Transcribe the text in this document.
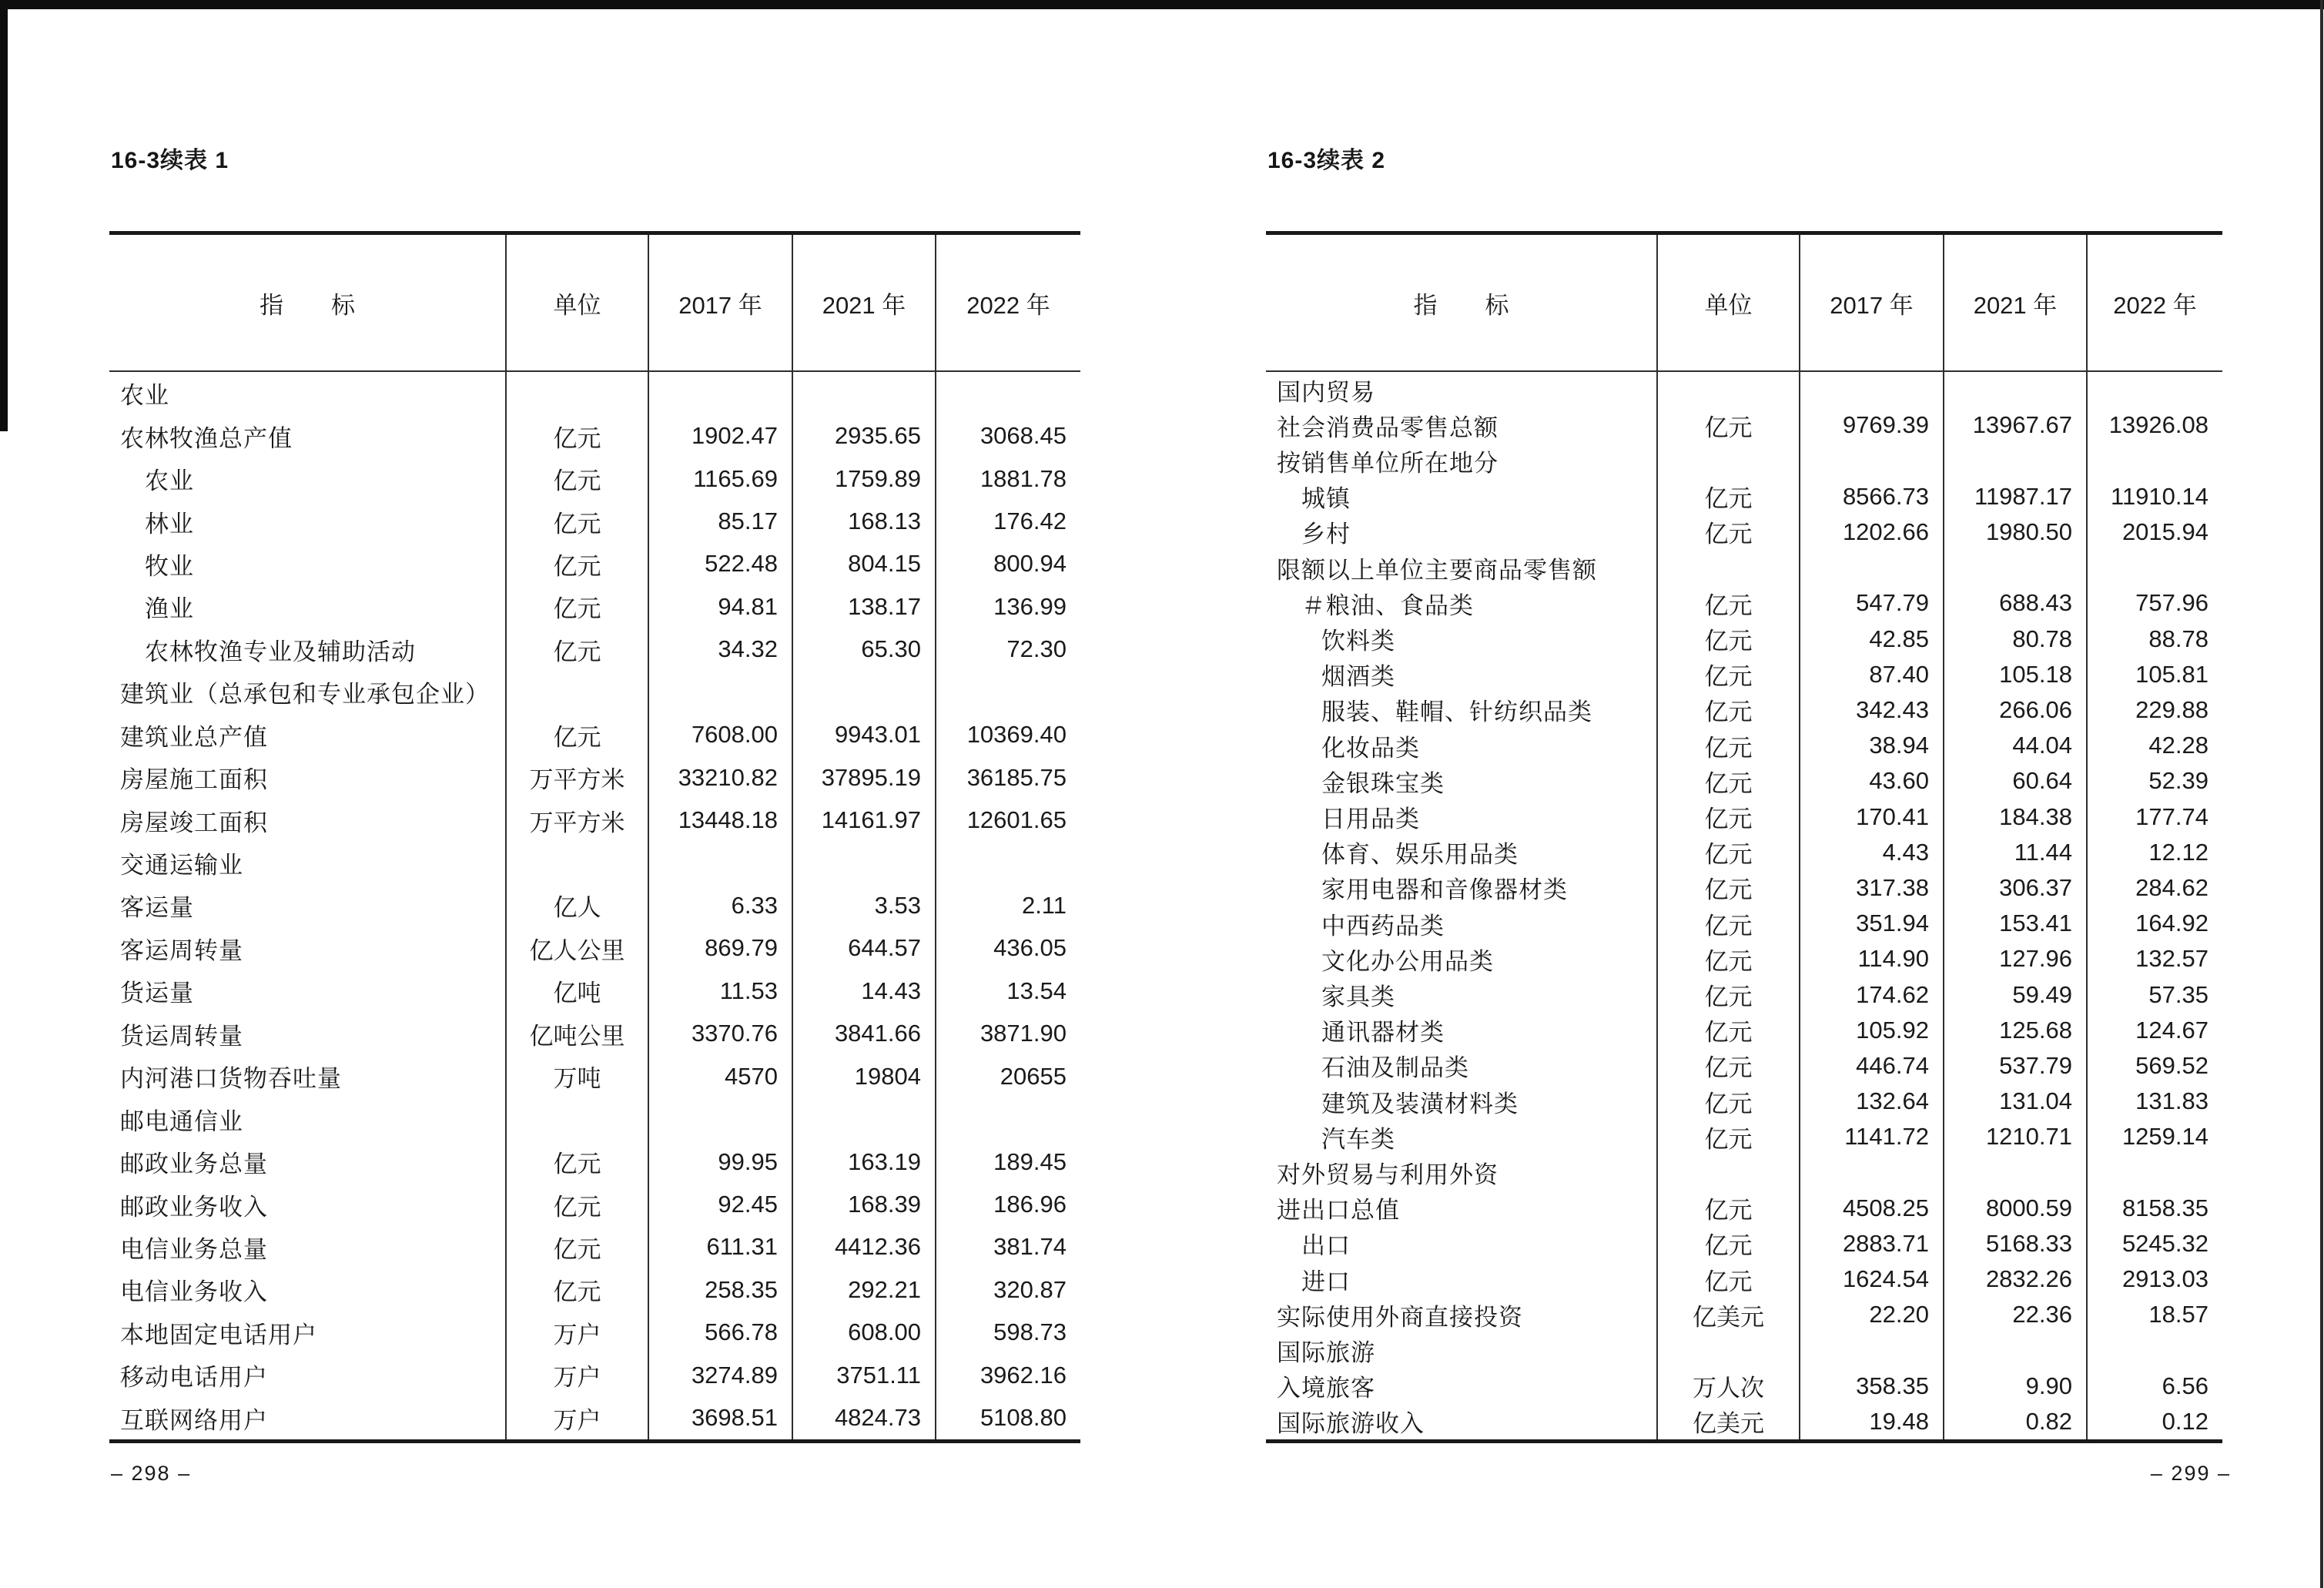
16-3续表 1
指　　标	单位	2017 年	2021 年	2022 年
农业
农林牧渔总产值	亿元	1902.47	2935.65	3068.45
农业	亿元	1165.69	1759.89	1881.78
林业	亿元	85.17	168.13	176.42
牧业	亿元	522.48	804.15	800.94
渔业	亿元	94.81	138.17	136.99
农林牧渔专业及辅助活动	亿元	34.32	65.30	72.30
建筑业（总承包和专业承包企业）
建筑业总产值	亿元	7608.00	9943.01	10369.40
房屋施工面积	万平方米	33210.82	37895.19	36185.75
房屋竣工面积	万平方米	13448.18	14161.97	12601.65
交通运输业
客运量	亿人	6.33	3.53	2.11
客运周转量	亿人公里	869.79	644.57	436.05
货运量	亿吨	11.53	14.43	13.54
货运周转量	亿吨公里	3370.76	3841.66	3871.90
内河港口货物吞吐量	万吨	4570	19804	20655
邮电通信业
邮政业务总量	亿元	99.95	163.19	189.45
邮政业务收入	亿元	92.45	168.39	186.96
电信业务总量	亿元	611.31	4412.36	381.74
电信业务收入	亿元	258.35	292.21	320.87
本地固定电话用户	万户	566.78	608.00	598.73
移动电话用户	万户	3274.89	3751.11	3962.16
互联网络用户	万户	3698.51	4824.73	5108.80
– 298 –
16-3续表 2
指　　标	单位	2017 年	2021 年	2022 年
国内贸易
社会消费品零售总额	亿元	9769.39	13967.67	13926.08
按销售单位所在地分
城镇	亿元	8566.73	11987.17	11910.14
乡村	亿元	1202.66	1980.50	2015.94
限额以上单位主要商品零售额
＃粮油、食品类	亿元	547.79	688.43	757.96
饮料类	亿元	42.85	80.78	88.78
烟酒类	亿元	87.40	105.18	105.81
服装、鞋帽、针纺织品类	亿元	342.43	266.06	229.88
化妆品类	亿元	38.94	44.04	42.28
金银珠宝类	亿元	43.60	60.64	52.39
日用品类	亿元	170.41	184.38	177.74
体育、娱乐用品类	亿元	4.43	11.44	12.12
家用电器和音像器材类	亿元	317.38	306.37	284.62
中西药品类	亿元	351.94	153.41	164.92
文化办公用品类	亿元	114.90	127.96	132.57
家具类	亿元	174.62	59.49	57.35
通讯器材类	亿元	105.92	125.68	124.67
石油及制品类	亿元	446.74	537.79	569.52
建筑及装潢材料类	亿元	132.64	131.04	131.83
汽车类	亿元	1141.72	1210.71	1259.14
对外贸易与利用外资
进出口总值	亿元	4508.25	8000.59	8158.35
出口	亿元	2883.71	5168.33	5245.32
进口	亿元	1624.54	2832.26	2913.03
实际使用外商直接投资	亿美元	22.20	22.36	18.57
国际旅游
入境旅客	万人次	358.35	9.90	6.56
国际旅游收入	亿美元	19.48	0.82	0.12
– 299 –
